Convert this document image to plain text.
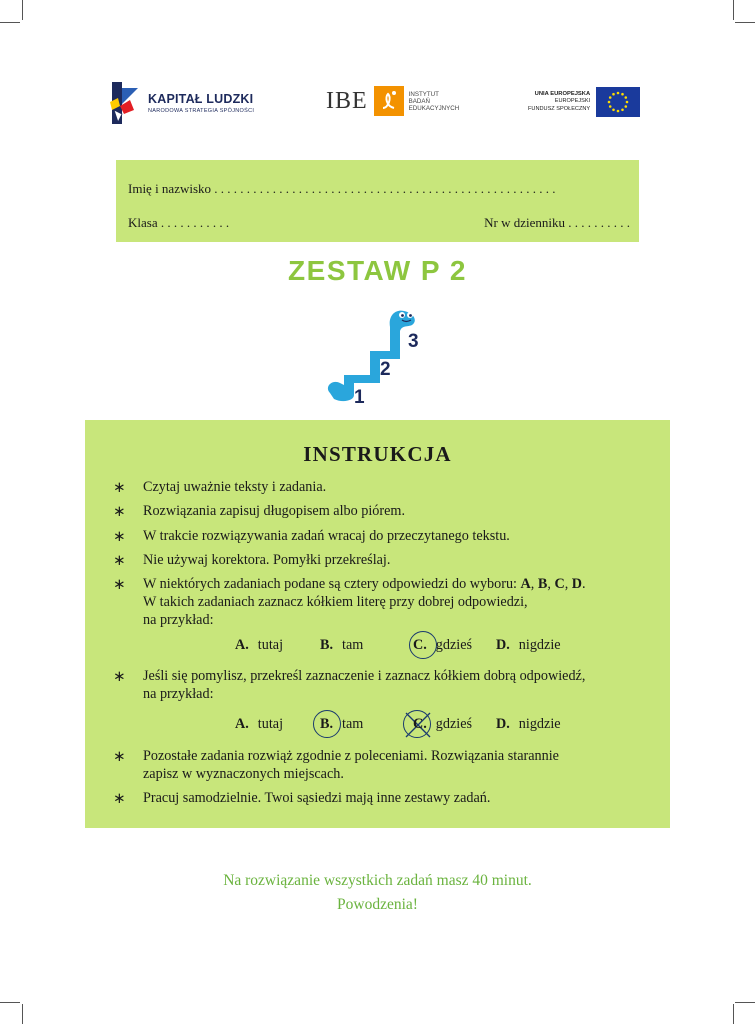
KAPITAŁ LUDZKI
NARODOWA STRATEGIA SPÓJNOŚCI	IBE	INSTYTUT
BADAŃ
EDUKACYJNYCH
UNIA EUROPEJSKA
EUROPEJSKI
FUNDUSZ SPOŁECZNY
Imię i nazwisko . . . . . . . . . . . . . . . . . . . . . . . . . . . . . . . . . . . . . . . . . . . . . . . . . . . . .
Klasa . . . . . . . . . . .	Nr w dzienniku . . . . . . . . . .
ZESTAW P 2
1
2
3
INSTRUKCJA
∗ Czytaj uważnie teksty i zadania.
∗ Rozwiązania zapisuj długopisem albo piórem.
∗ W trakcie rozwiązywania zadań wracaj do przeczytanego tekstu.
∗ Nie używaj korektora. Pomyłki przekreślaj.
∗ W niektórych zadaniach podane są cztery odpowiedzi do wyboru: A, B, C, D.
W takich zadaniach zaznacz kółkiem literę przy dobrej odpowiedzi,
na przykład:
A. tutaj	B. tam	C. gdzieś D. nigdzie
∗ Jeśli się pomylisz, przekreśl zaznaczenie i zaznacz kółkiem dobrą odpowiedź,
na przykład:
A. tutaj	B. tam	C. gdzieś D. nigdzie
∗ Pozostałe zadania rozwiąż zgodnie z poleceniami. Rozwiązania starannie
zapisz w wyznaczonych miejscach.
∗ Pracuj samodzielnie. Twoi sąsiedzi mają inne zestawy zadań.
Na rozwiązanie wszystkich zadań masz 40 minut.
Powodzenia!
